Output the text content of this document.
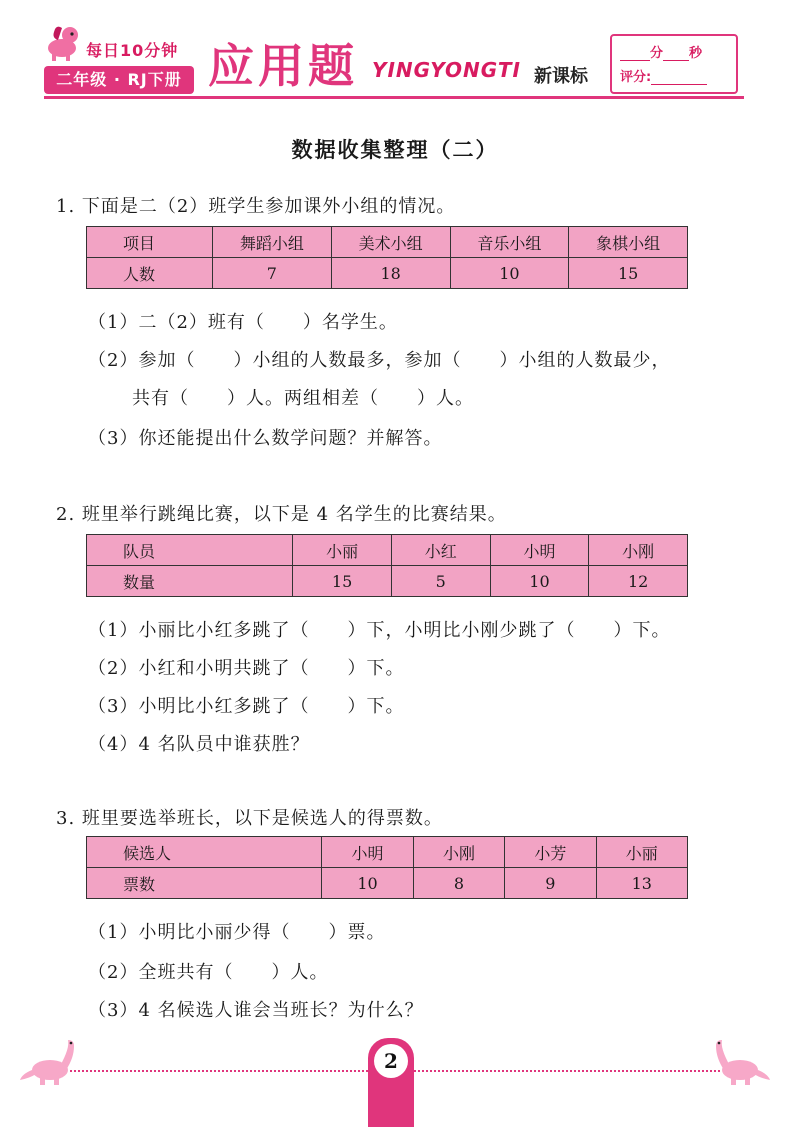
每日10分钟
二年级 · RJ下册 应用题 YINGYONGTI 新课标
分 秒
评分:
数据收集整理（二）
1. 下面是二（2）班学生参加课外小组的情况。
项目	舞蹈小组	美术小组	音乐小组	象棋小组
人数	7	18	10	15
（1）二（2）班有（　　）名学生。
（2）参加（　　）小组的人数最多，参加（　　）小组的人数最少，
共有（　　）人。两组相差（　　）人。
（3）你还能提出什么数学问题？并解答。
2. 班里举行跳绳比赛，以下是 4 名学生的比赛结果。
队员	小丽	小红	小明	小刚
数量	15	5	10	12
（1）小丽比小红多跳了（　　）下，小明比小刚少跳了（　　）下。
（2）小红和小明共跳了（　　）下。
（3）小明比小红多跳了（　　）下。
（4）4 名队员中谁获胜？
3. 班里要选举班长，以下是候选人的得票数。
候选人	小明	小刚	小芳	小丽
票数	10	8	9	13
（1）小明比小丽少得（　　）票。
（2）全班共有（　　）人。
（3）4 名候选人谁会当班长？为什么？
2
